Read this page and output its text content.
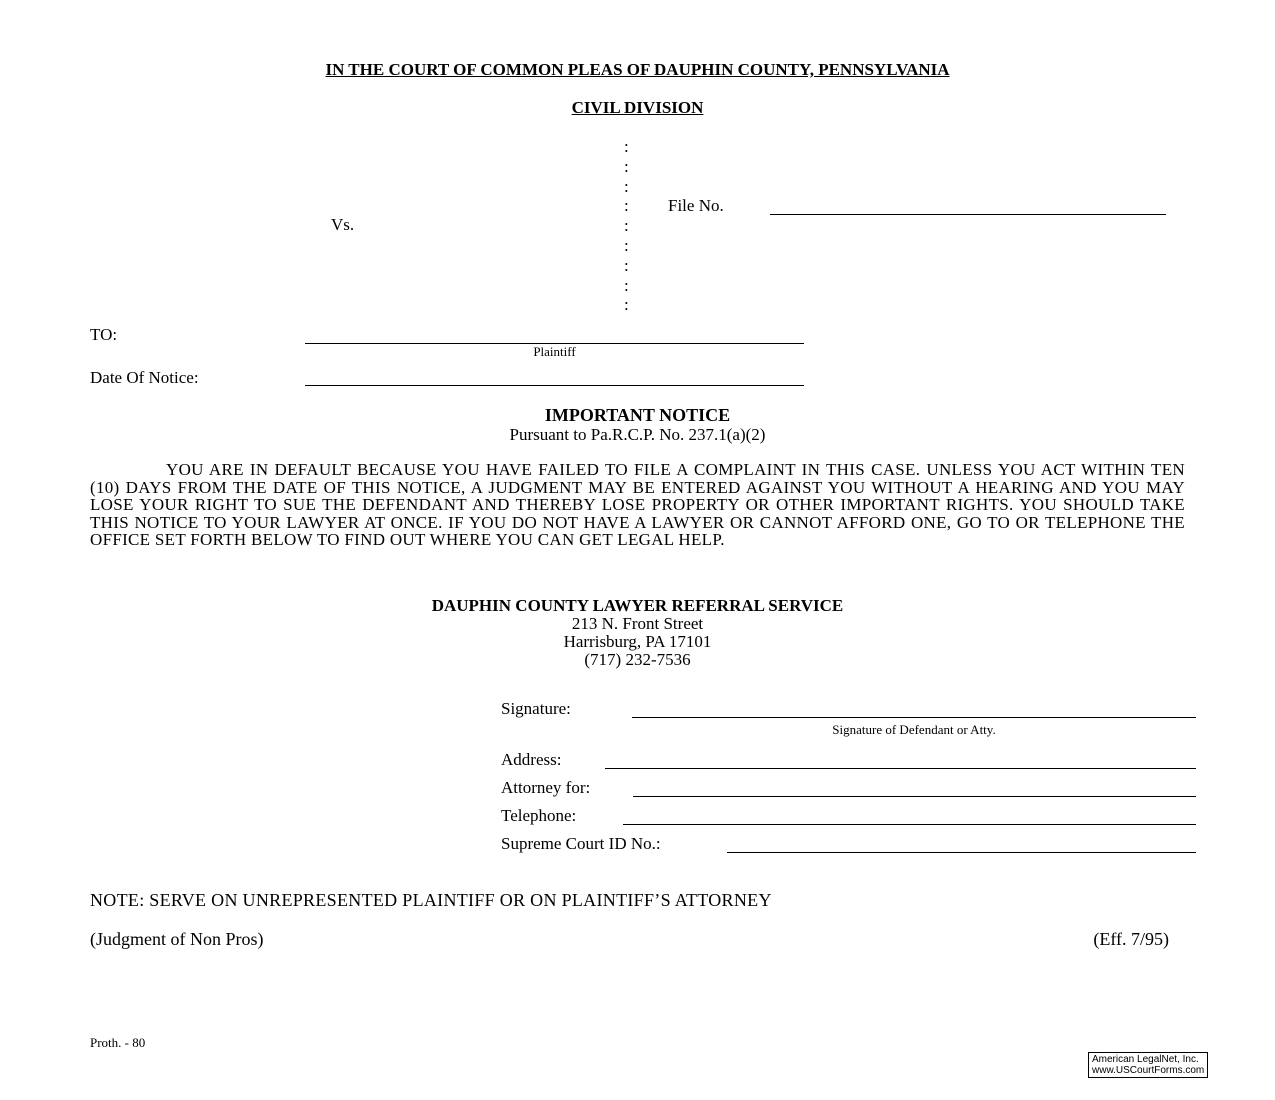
IN THE COURT OF COMMON PLEAS OF DAUPHIN COUNTY, PENNSYLVANIA
CIVIL DIVISION
:
:
:
:
:
:
:
:
:
Vs.
File No.
TO:
Plaintiff
Date Of Notice:
IMPORTANT NOTICE
Pursuant to Pa.R.C.P. No. 237.1(a)(2)
YOU ARE IN DEFAULT BECAUSE YOU HAVE FAILED TO FILE A COMPLAINT IN THIS CASE. UNLESS YOU ACT WITHIN TEN (10) DAYS FROM THE DATE OF THIS NOTICE, A JUDGMENT MAY BE ENTERED AGAINST YOU WITHOUT A HEARING AND YOU MAY LOSE YOUR RIGHT TO SUE THE DEFENDANT AND THEREBY LOSE PROPERTY OR OTHER IMPORTANT RIGHTS. YOU SHOULD TAKE THIS NOTICE TO YOUR LAWYER AT ONCE. IF YOU DO NOT HAVE A LAWYER OR CANNOT AFFORD ONE, GO TO OR TELEPHONE THE OFFICE SET FORTH BELOW TO FIND OUT WHERE YOU CAN GET LEGAL HELP.
DAUPHIN COUNTY LAWYER REFERRAL SERVICE
213 N. Front Street
Harrisburg, PA 17101
(717) 232-7536
Signature:
Signature of Defendant or Atty.
Address:
Attorney for:
Telephone:
Supreme Court ID No.:
NOTE: SERVE ON UNREPRESENTED PLAINTIFF OR ON PLAINTIFF’S ATTORNEY
(Judgment of Non Pros)	(Eff. 7/95)
Proth. - 80
American LegalNet, Inc.
www.USCourtForms.com
